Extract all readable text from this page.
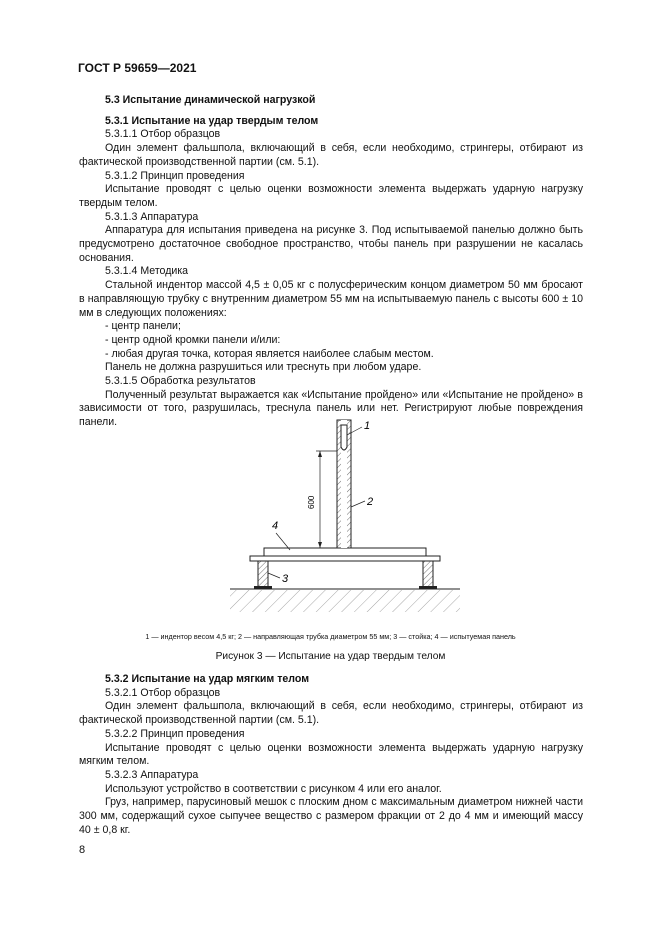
ГОСТ Р 59659—2021

5.3 Испытание динамической нагрузкой

5.3.1 Испытание на удар твердым телом

5.3.1.1 Отбор образцов

Один элемент фальшпола, включающий в себя, если необходимо, стрингеры, отбирают из фактической производственной партии (см. 5.1).

5.3.1.2 Принцип проведения

Испытание проводят с целью оценки возможности элемента выдержать ударную нагрузку твердым телом.

5.3.1.3 Аппаратура

Аппаратура для испытания приведена на рисунке 3. Под испытываемой панелью должно быть предусмотрено достаточное свободное пространство, чтобы панель при разрушении не касалась основания.

5.3.1.4 Методика

Стальной индентор массой 4,5 ± 0,05 кг с полусферическим концом диаметром 50 мм бросают в направляющую трубку с внутренним диаметром 55 мм на испытываемую панель с высоты 600 ± 10 мм в следующих положениях:

- центр панели;

- центр одной кромки панели и/или:

- любая другая точка, которая является наиболее слабым местом.

Панель не должна разрушиться или треснуть при любом ударе.

5.3.1.5 Обработка результатов

Полученный результат выражается как «Испытание пройдено» или «Испытание не пройдено» в зависимости от того, разрушилась, треснула панель или нет. Регистрируют любые повреждения панели.	1
2
3
4
600
1 — индентор весом 4,5 кг; 2 — направляющая трубка диаметром 55 мм; 3 — стойка; 4 — испытуемая панель
Рисунок 3 — Испытание на удар твердым телом

5.3.2 Испытание на удар мягким телом

5.3.2.1 Отбор образцов

Один элемент фальшпола, включающий в себя, если необходимо, стрингеры, отбирают из фактической производственной партии (см. 5.1).

5.3.2.2 Принцип проведения

Испытание проводят с целью оценки возможности элемента выдержать ударную нагрузку мягким телом.

5.3.2.3 Аппаратура

Используют устройство в соответствии с рисунком 4 или его аналог.

Груз, например, парусиновый мешок с плоским дном с максимальным диаметром нижней части 300 мм, содержащий сухое сыпучее вещество с размером фракции от 2 до 4 мм и имеющий массу 40 ± 0,8 кг.

8
